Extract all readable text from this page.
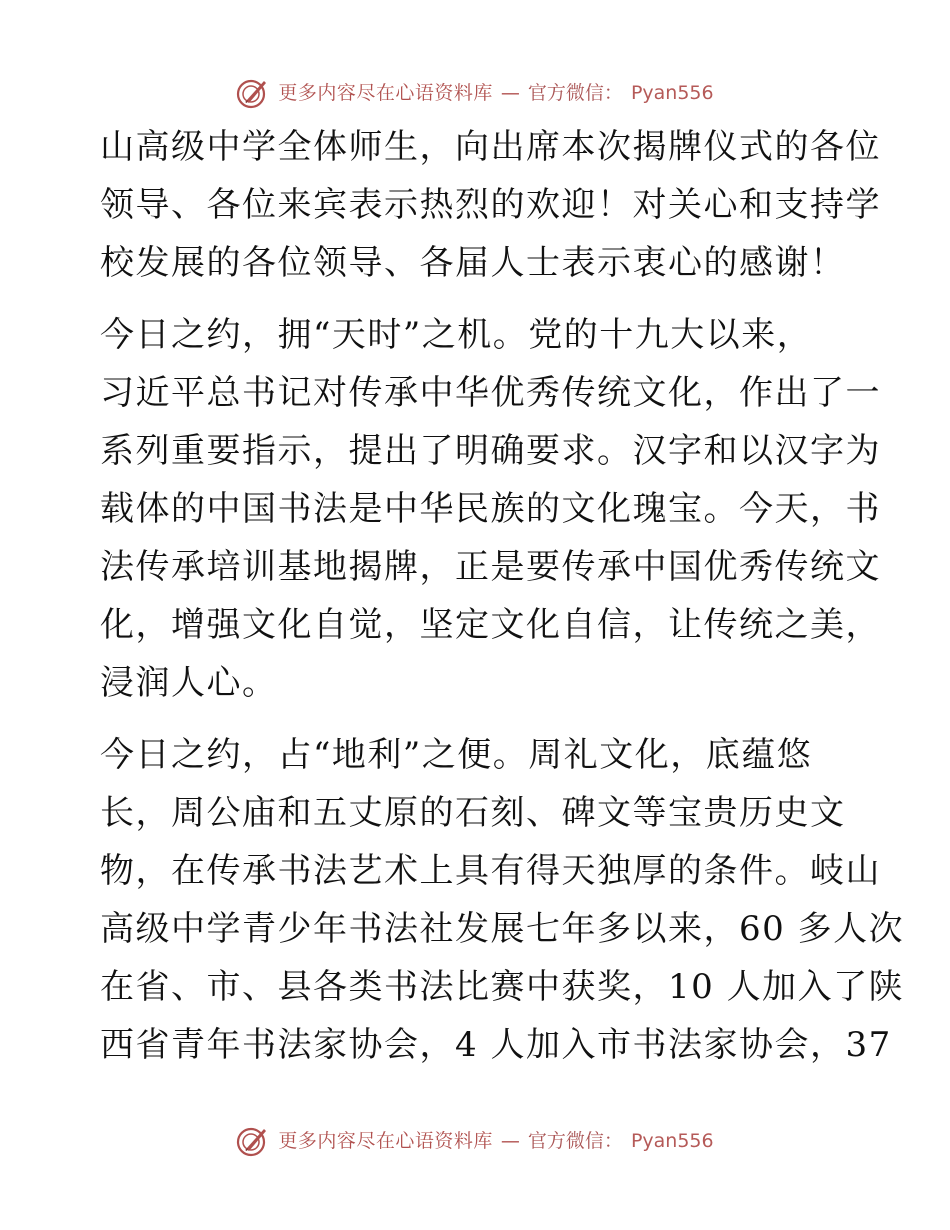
更多内容尽在心语资料库 — 官方微信： Pyan556

山高级中学全体师生，向出席本次揭牌仪式的各位
领导、各位来宾表示热烈的欢迎！对关心和支持学
校发展的各位领导、各届人士表示衷心的感谢！

今日之约，拥“天时”之机。党的十九大以来，
习近平总书记对传承中华优秀传统文化，作出了一
系列重要指示，提出了明确要求。汉字和以汉字为
载体的中国书法是中华民族的文化瑰宝。今天，书
法传承培训基地揭牌，正是要传承中国优秀传统文
化，增强文化自觉，坚定文化自信，让传统之美，
浸润人心。

今日之约，占“地利”之便。周礼文化，底蕴悠
长，周公庙和五丈原的石刻、碑文等宝贵历史文
物，在传承书法艺术上具有得天独厚的条件。岐山
高级中学青少年书法社发展七年多以来，60 多人次
在省、市、县各类书法比赛中获奖，10 人加入了陕
西省青年书法家协会，4 人加入市书法家协会，37

更多内容尽在心语资料库 — 官方微信： Pyan556
